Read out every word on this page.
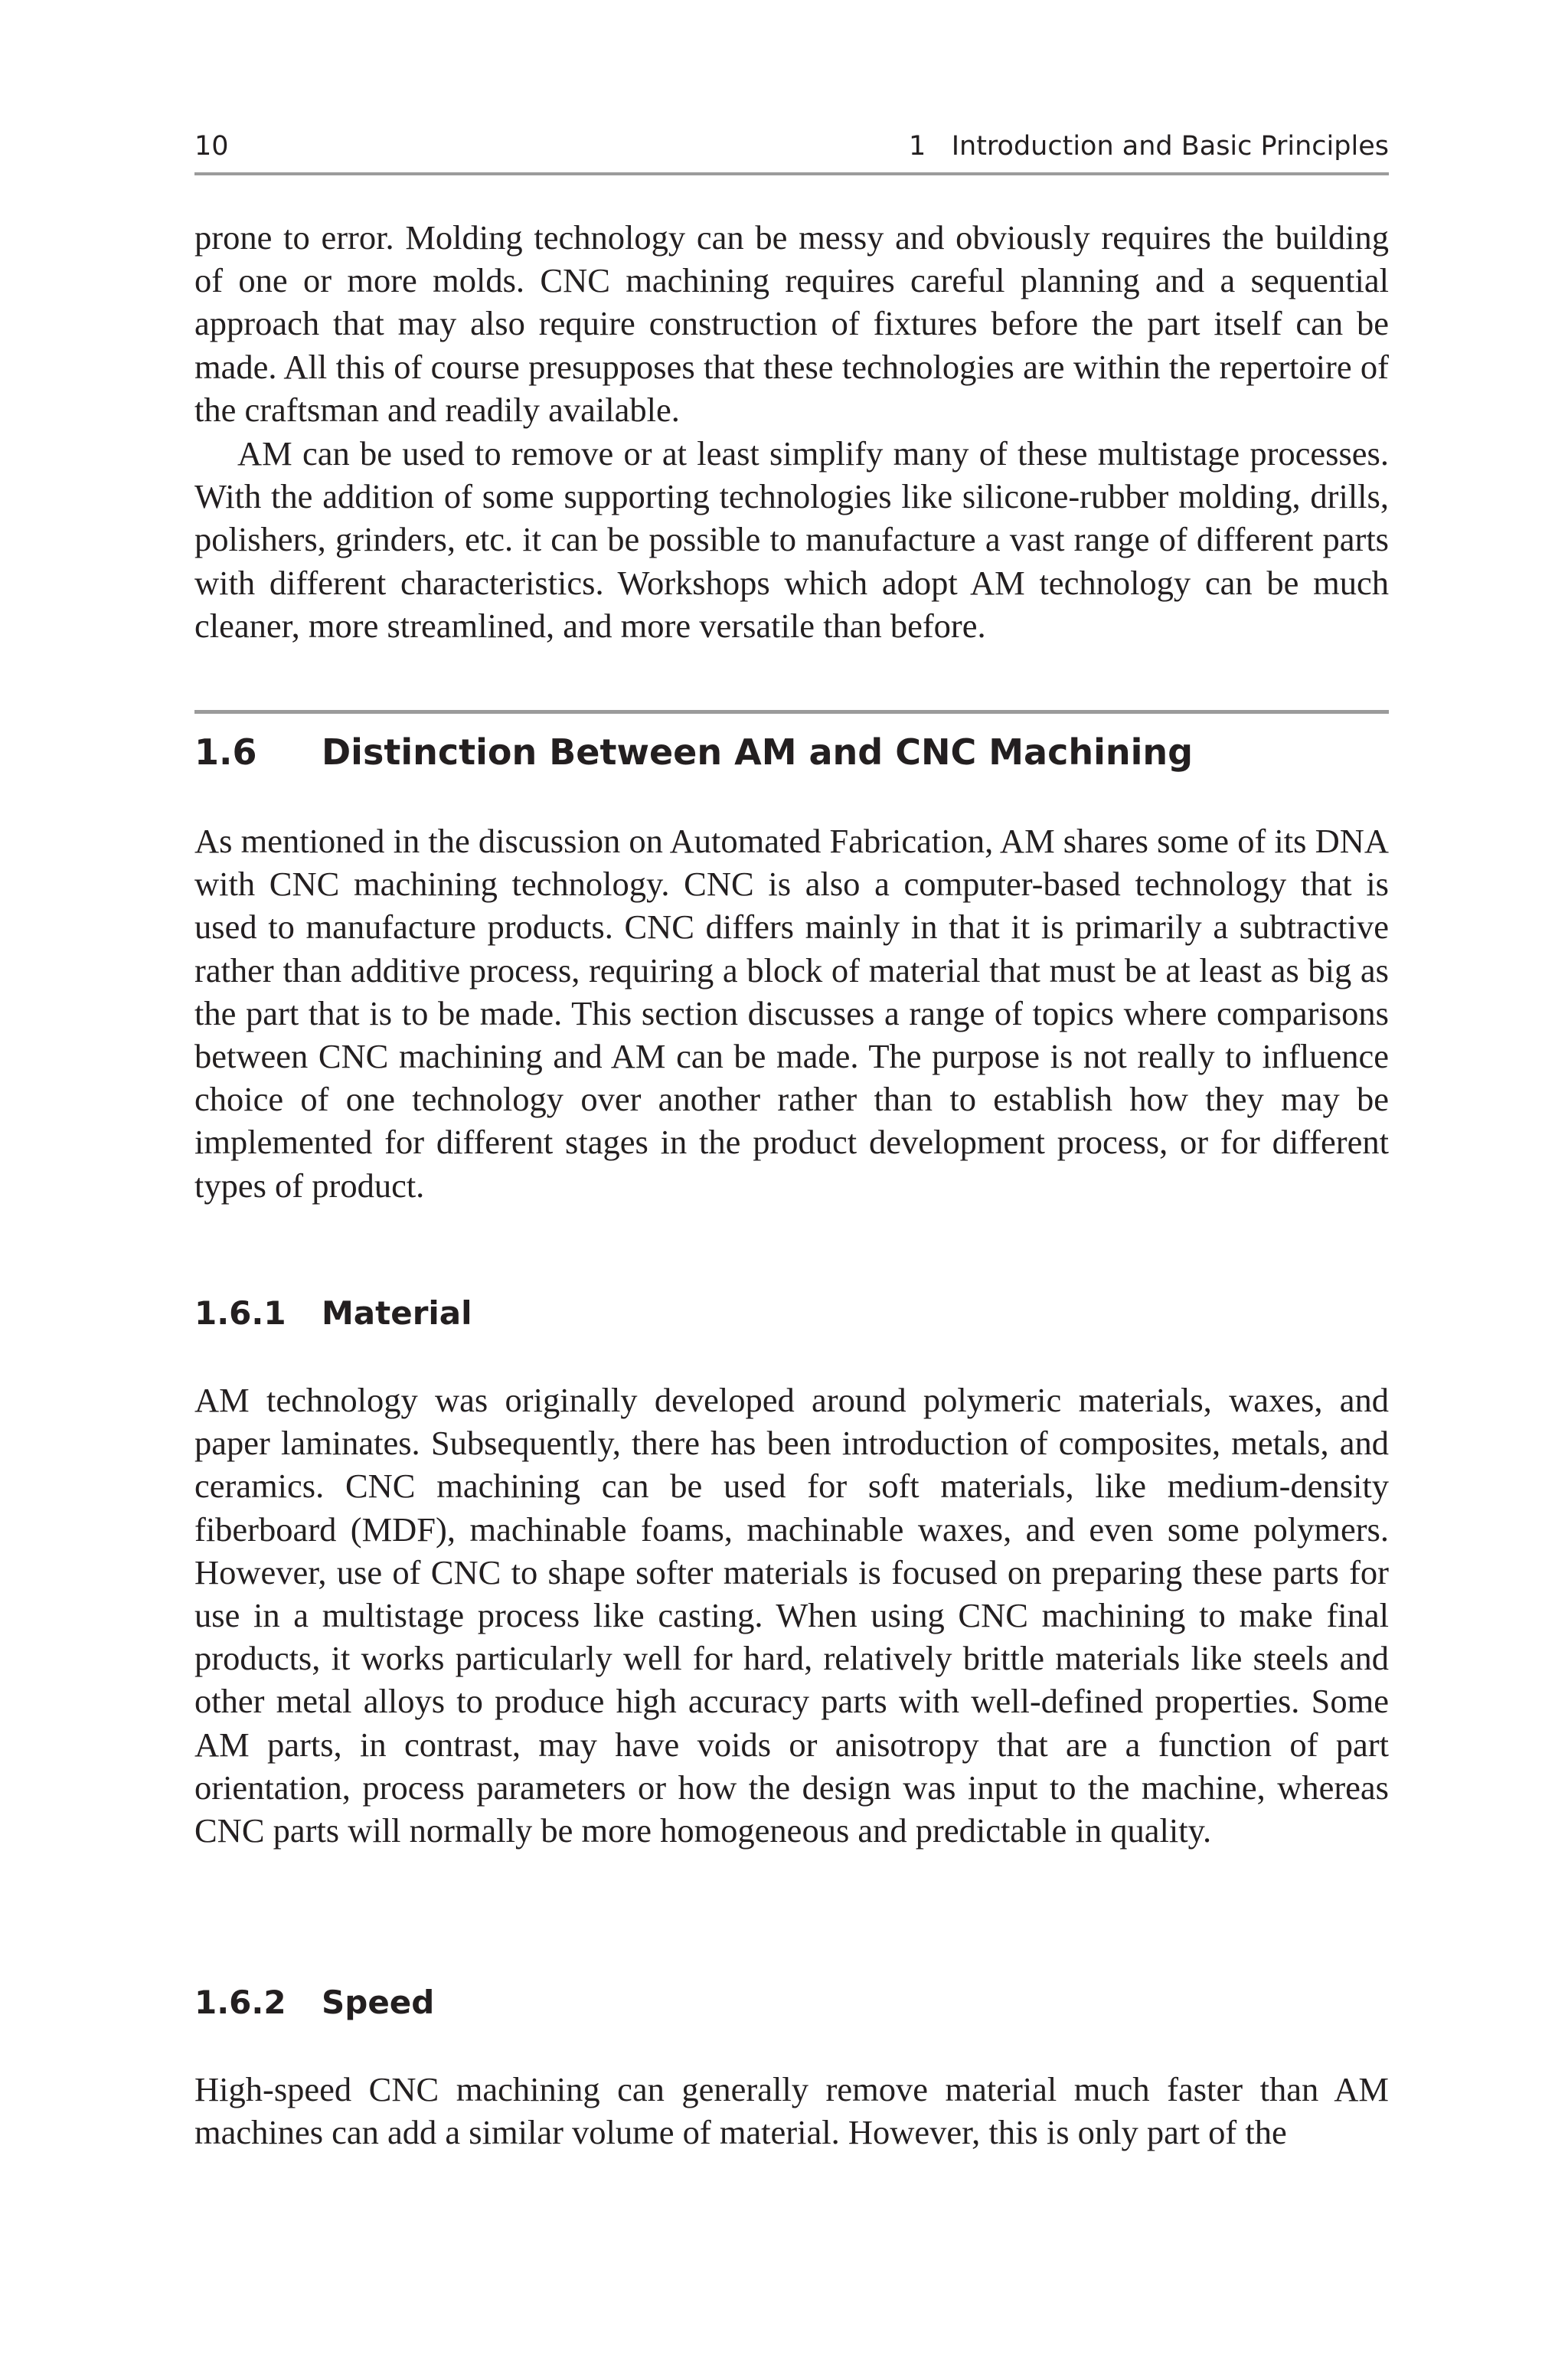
10	1   Introduction and Basic Principles

prone to error. Molding technology can be messy and obviously requires the building of one or more molds. CNC machining requires careful planning and a sequential approach that may also require construction of fixtures before the part itself can be made. All this of course presupposes that these technologies are within the repertoire of the craftsman and readily available.

AM can be used to remove or at least simplify many of these multistage processes. With the addition of some supporting technologies like silicone-rubber molding, drills, polishers, grinders, etc. it can be possible to manufacture a vast range of different parts with different characteristics. Workshops which adopt AM technology can be much cleaner, more streamlined, and more versatile than before.

1.6 Distinction Between AM and CNC Machining

As mentioned in the discussion on Automated Fabrication, AM shares some of its DNA with CNC machining technology. CNC is also a computer-based technology that is used to manufacture products. CNC differs mainly in that it is primarily a subtractive rather than additive process, requiring a block of material that must be at least as big as the part that is to be made. This section discusses a range of topics where comparisons between CNC machining and AM can be made. The purpose is not really to influence choice of one technology over another rather than to establish how they may be implemented for different stages in the product development process, or for different types of product.

1.6.1 Material

AM technology was originally developed around polymeric materials, waxes, and paper laminates. Subsequently, there has been introduction of composites, metals, and ceramics. CNC machining can be used for soft materials, like medium-density fiberboard (MDF), machinable foams, machinable waxes, and even some polymers. However, use of CNC to shape softer materials is focused on preparing these parts for use in a multistage process like casting. When using CNC machining to make final products, it works particularly well for hard, relatively brittle materials like steels and other metal alloys to produce high accuracy parts with well-defined properties. Some AM parts, in contrast, may have voids or anisotropy that are a function of part orientation, process parameters or how the design was input to the machine, whereas CNC parts will normally be more homogeneous and predictable in quality.

1.6.2 Speed

High-speed CNC machining can generally remove material much faster than AM machines can add a similar volume of material. However, this is only part of the
